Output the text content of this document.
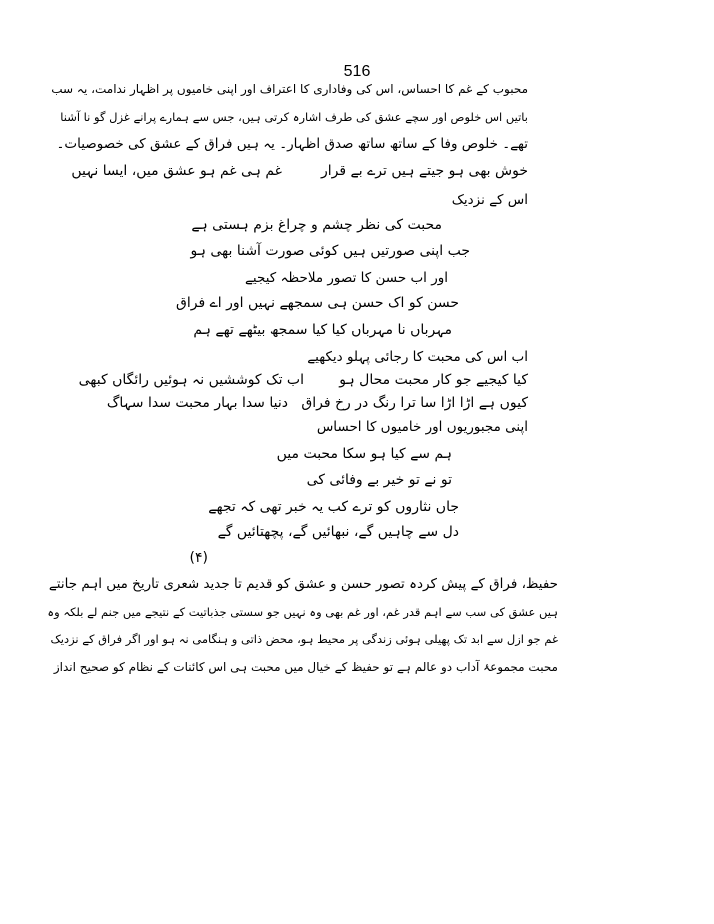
516
محبوب کے غم کا احساس، اس کی وفاداری کا اعتراف اور اپنی خامیوں پر اظہار ندامت، یہ سب
باتیں اس خلوص اور سچے عشق کی طرف اشارہ کرتی ہیں، جس سے ہمارے پرانے غزل گو نا آشنا
تھے۔ خلوص وفا کے ساتھ ساتھ صدق اظہار۔ یہ ہیں فراق کے عشق کی خصوصیات۔
خوش بھی ہو جیتے ہیں ترے بے قرار
غم ہی غم ہو عشق میں، ایسا نہیں
اس کے نزدیک
محبت کی نظر چشم و چراغ بزم ہستی ہے
جب اپنی صورتیں ہیں کوئی صورت آشنا بھی ہو
اور اب حسن کا تصور ملاحظہ کیجیے
حسن کو اک حسن ہی سمجھے نہیں اور اے فراق
مہرباں نا مہرباں کیا کیا سمجھ بیٹھے تھے ہم
اب اس کی محبت کا رجائی پہلو دیکھیے
کیا کیجیے جو کار محبت محال ہو
اب تک کوششیں نہ ہوئیں رائگاں کبھی
کیوں ہے اڑا اڑا سا ترا رنگ در رخ فراق
دنیا سدا بہار محبت سدا سہاگ
اپنی مجبوریوں اور خامیوں کا احساس
ہم سے کیا ہو سکا محبت میں
تو نے تو خیر بے وفائی کی
جاں نثاروں کو ترے کب یہ خبر تھی کہ تجھے
دل سے چاہیں گے، نبھائیں گے، پچھتائیں گے
(۴)
حفیظ، فراق کے پیش کردہ تصور حسن و عشق کو قدیم تا جدید شعری تاریخ میں اہم جانتے
ہیں عشق کی سب سے اہم قدر غم، اور غم بھی وہ نہیں جو سستی جذباتیت کے نتیجے میں جنم لے بلکہ وہ
غم جو ازل سے ابد تک پھیلی ہوئی زندگی پر محیط ہو، محض ذاتی و ہنگامی نہ ہو اور اگر فراق کے نزدیک
محبت مجموعۂ آداب دو عالم ہے تو حفیظ کے خیال میں محبت ہی اس کائنات کے نظام کو صحیح انداز
